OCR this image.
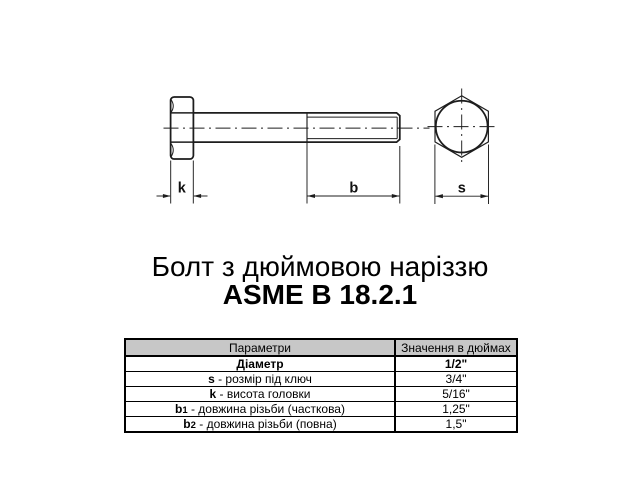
k	b	s
Болт з дюймовою наріззю
ASME B 18.2.1
Параметри	Значення в дюймах
Діаметр	1/2"
s - розмір під ключ	3/4"
k - висота головки	5/16"
b1 - довжина різьби (часткова)	1,25"
b2 - довжина різьби (повна)	1,5"
